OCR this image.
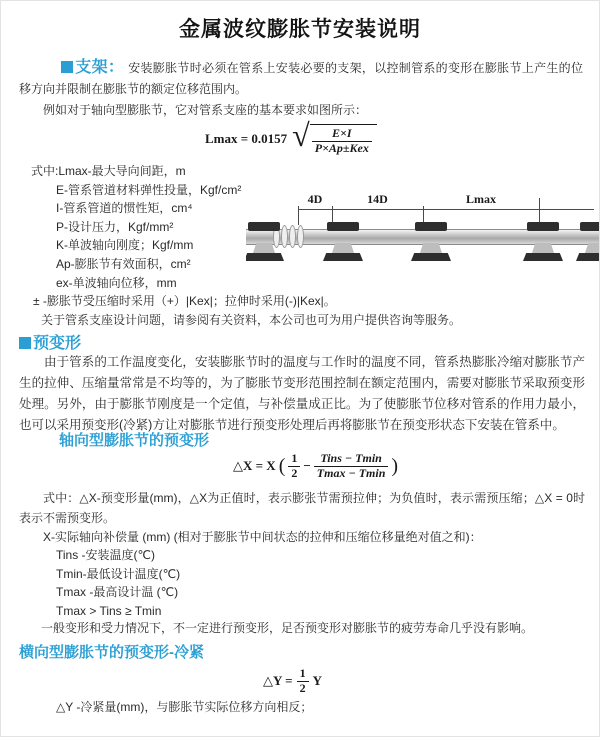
金属波纹膨胀节安装说明
支架： 安装膨胀节时必须在管系上安装必要的支架，以控制管系的变形在膨胀节上产生的位移方向并限制在膨胀节的额定位移范围内。
例如对于轴向型膨胀节，它对管系支座的基本要求如图所示：
Lmax = 0.0157 √ $\frac{E\times I}{\text{P×Ap±Kex}}$
式中:Lmax-最大导向间距，m
E-管系管道材料弹性投量，Kgf/cm²
I-管系管道的惯性矩，cm⁴
P-设计压力，Kgf/mm²
K-单波轴向刚度；Kgf/mm
Ap-膨胀节有效面积，cm²
ex-单波轴向位移，mm
± -膨胀节受压缩时采用（+）|Kex|；拉伸时采用(-)|Kex|。
关于管系支座设计问题，请参阅有关资料，本公司也可为用户提供咨询等服务。
4D	14D	Lmax
预变形
由于管系的工作温度变化，安装膨胀节时的温度与工作时的温度不同，管系热膨胀冷缩对膨胀节产生的拉伸、压缩量常常是不均等的，为了膨胀节变形范围控制在额定范围内，需要对膨胀节采取预变形处理。另外，由于膨胀节刚度是一个定值，与补偿量成正比。为了使膨胀节位移对管系的作用力最小，也可以采用预变形(冷紧)方让对膨胀节进行预变形处理后再将膨胀节在预变形状态下安装在管系中。
轴向型膨胀节的预变形
△X = X ( $\frac{1}{2} - \frac{\text{Tins − Tmin}}{Tmax - Tmin}$ )
式中：△X-预变形量(mm)，△X为正值时，表示膨张节需预拉伸；为负值时，表示需预压缩；△X = 0时表示不需预变形。
X-实际轴向补偿量 (mm) (相对于膨胀节中间状态的拉伸和压缩位移量绝对值之和)：
Tins -安装温度(℃)
Tmin-最低设计温度(℃)
Tmax -最高设计温 (℃)
Tmax > Tins ≥ Tmin
一般变形和受力情况下，不一定进行预变形，足否预变形对膨胀节的疲劳寿命几乎没有影响。
横向型膨胀节的预变形-冷紧
△Y = $\frac{1}{2}$ Y
△Y -冷紧量(mm)，与膨胀节实际位移方向相反；
